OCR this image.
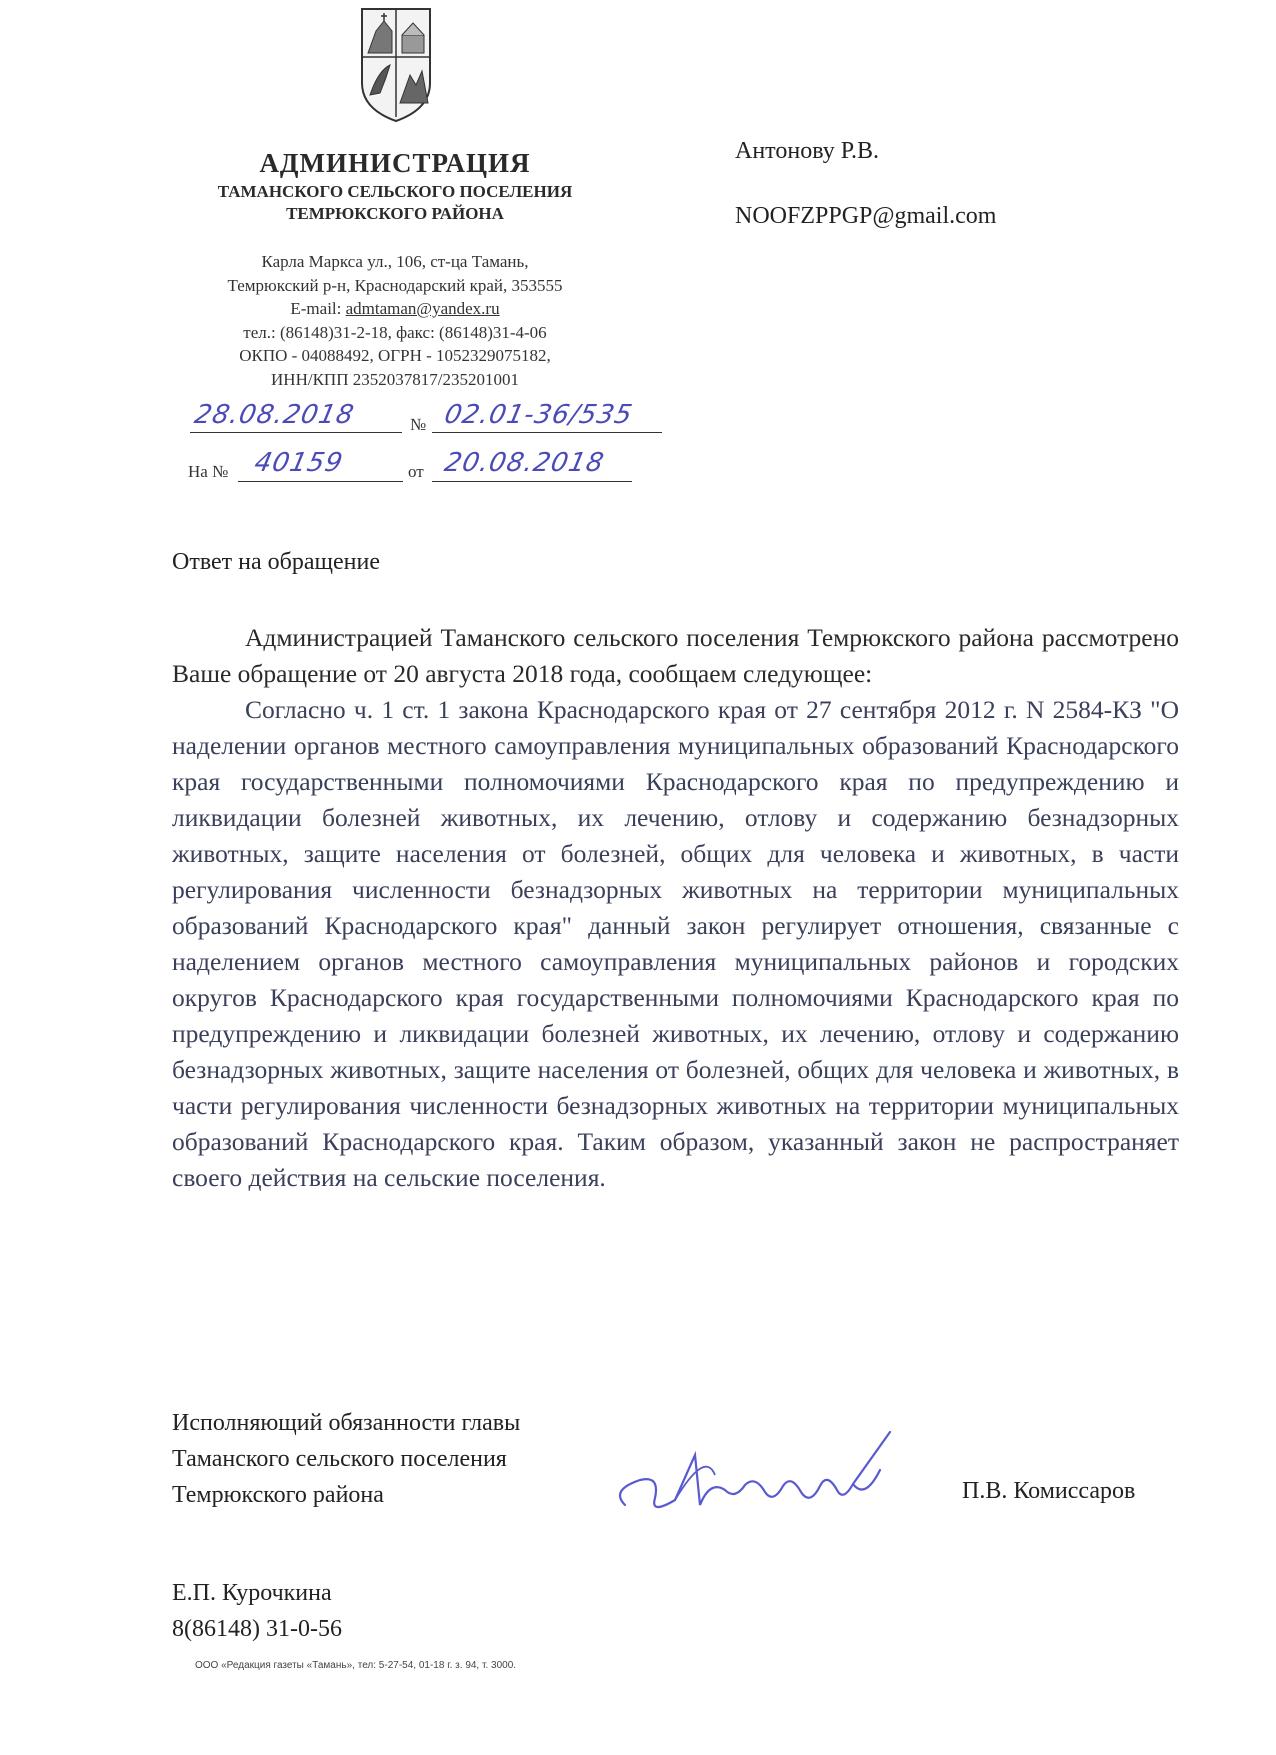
АДМИНИСТРАЦИЯ
ТАМАНСКОГО СЕЛЬСКОГО ПОСЕЛЕНИЯ
ТЕМРЮКСКОГО РАЙОНА
Карла Маркса ул., 106, ст-ца Тамань,
Темрюкский р-н, Краснодарский край, 353555
E-mail: admtaman@yandex.ru
тел.: (86148)31-2-18, факс: (86148)31-4-06
ОКПО - 04088492, ОГРН - 1052329075182,
ИНН/КПП 2352037817/235201001
Антонову Р.В.
NOOFZPPGP@gmail.com
28.08.2018	№ 02.01-36/535
На № 40159	от 20.08.2018
Ответ на обращение

Администрацией Таманского сельского поселения Темрюкского района рассмотрено Ваше обращение от 20 августа 2018 года, сообщаем следующее:

Согласно ч. 1 ст. 1 закона Краснодарского края от 27 сентября 2012 г. N 2584-КЗ "О наделении органов местного самоуправления муниципальных образований Краснодарского края государственными полномочиями Краснодарского края по предупреждению и ликвидации болезней животных, их лечению, отлову и содержанию безнадзорных животных, защите населения от болезней, общих для человека и животных, в части регулирования численности безнадзорных животных на территории муниципальных образований Краснодарского края" данный закон регулирует отношения, связанные с наделением органов местного самоуправления муниципальных районов и городских округов Краснодарского края государственными полномочиями Краснодарского края по предупреждению и ликвидации болезней животных, их лечению, отлову и содержанию безнадзорных животных, защите населения от болезней, общих для человека и животных, в части регулирования численности безнадзорных животных на территории муниципальных образований Краснодарского края. Таким образом, указанный закон не распространяет своего действия на сельские поселения.

Исполняющий обязанности главы
Таманского сельского поселения
Темрюкского района	П.В. Комиссаров
Е.П. Курочкина
8(86148) 31-0-56
ООО «Редакция газеты «Тамань», тел: 5-27-54, 01-18 г. з. 94, т. 3000.
